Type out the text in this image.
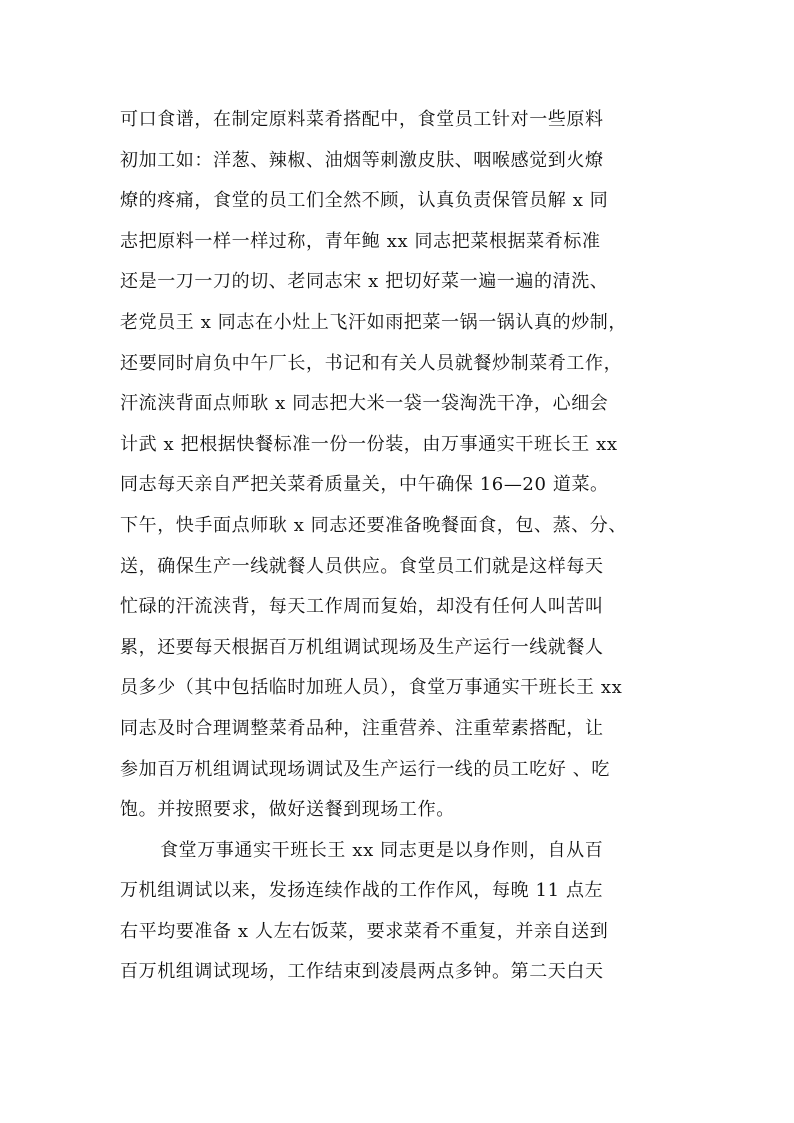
可口食谱，在制定原料菜肴搭配中，食堂员工针对一些原料
初加工如：洋葱、辣椒、油烟等刺激皮肤、咽喉感觉到火燎
燎的疼痛，食堂的员工们全然不顾，认真负责保管员解 x 同
志把原料一样一样过称，青年鲍 xx 同志把菜根据菜肴标准
还是一刀一刀的切、老同志宋 x 把切好菜一遍一遍的清洗、
老党员王 x 同志在小灶上飞汗如雨把菜一锅一锅认真的炒制，
还要同时肩负中午厂长，书记和有关人员就餐炒制菜肴工作，
汗流浃背面点师耿 x 同志把大米一袋一袋淘洗干净，心细会
计武 x 把根据快餐标准一份一份装，由万事通实干班长王 xx
同志每天亲自严把关菜肴质量关，中午确保 16—20 道菜。
下午，快手面点师耿 x 同志还要准备晚餐面食，包、蒸、分、
送，确保生产一线就餐人员供应。食堂员工们就是这样每天
忙碌的汗流浃背，每天工作周而复始，却没有任何人叫苦叫
累，还要每天根据百万机组调试现场及生产运行一线就餐人
员多少（其中包括临时加班人员），食堂万事通实干班长王 xx
同志及时合理调整菜肴品种，注重营养、注重荤素搭配，让
参加百万机组调试现场调试及生产运行一线的员工吃好 、吃
饱。并按照要求，做好送餐到现场工作。
食堂万事通实干班长王 xx 同志更是以身作则，自从百
万机组调试以来，发扬连续作战的工作作风，每晚 11 点左
右平均要准备 x 人左右饭菜，要求菜肴不重复，并亲自送到
百万机组调试现场，工作结束到凌晨两点多钟。第二天白天
